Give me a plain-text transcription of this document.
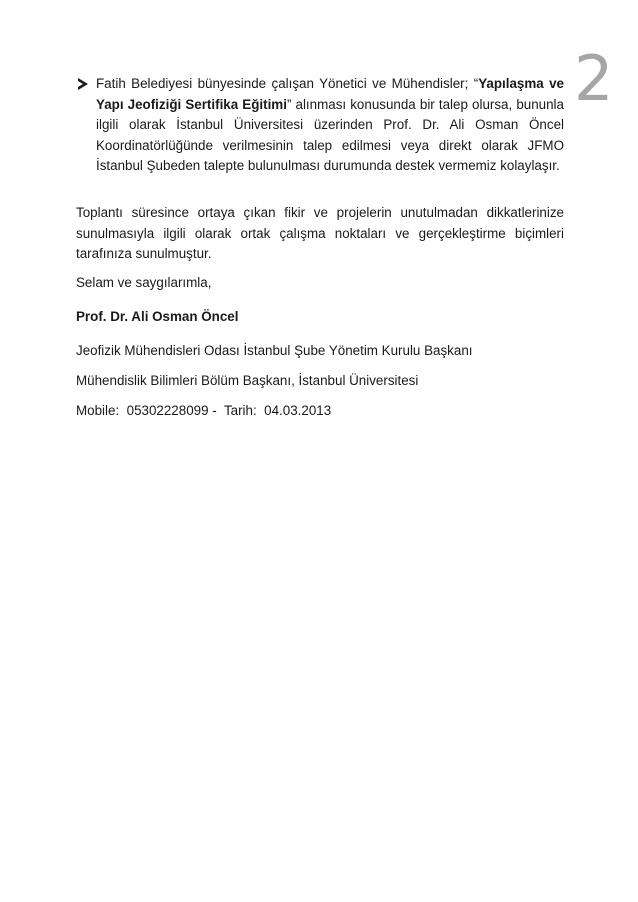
2
Fatih Belediyesi bünyesinde çalışan Yönetici ve Mühendisler; “Yapılaşma ve Yapı Jeofiziği Sertifika Eğitimi” alınması konusunda bir talep olursa, bununla ilgili olarak İstanbul Üniversitesi üzerinden Prof. Dr. Ali Osman Öncel Koordinatörlüğünde verilmesinin talep edilmesi veya direkt olarak JFMO İstanbul Şubeden talepte bulunulması durumunda destek vermemiz kolaylaşır.
Toplantı süresince ortaya çıkan fikir ve projelerin unutulmadan dikkatlerinize sunulmasıyla ilgili olarak ortak çalışma noktaları ve gerçekleştirme biçimleri tarafınıza sunulmuştur.
Selam ve saygılarımla,
Prof. Dr. Ali Osman Öncel
Jeofizik Mühendisleri Odası İstanbul Şube Yönetim Kurulu Başkanı
Mühendislik Bilimleri Bölüm Başkanı, İstanbul Üniversitesi
Mobile: 05302228099 - Tarih: 04.03.2013
